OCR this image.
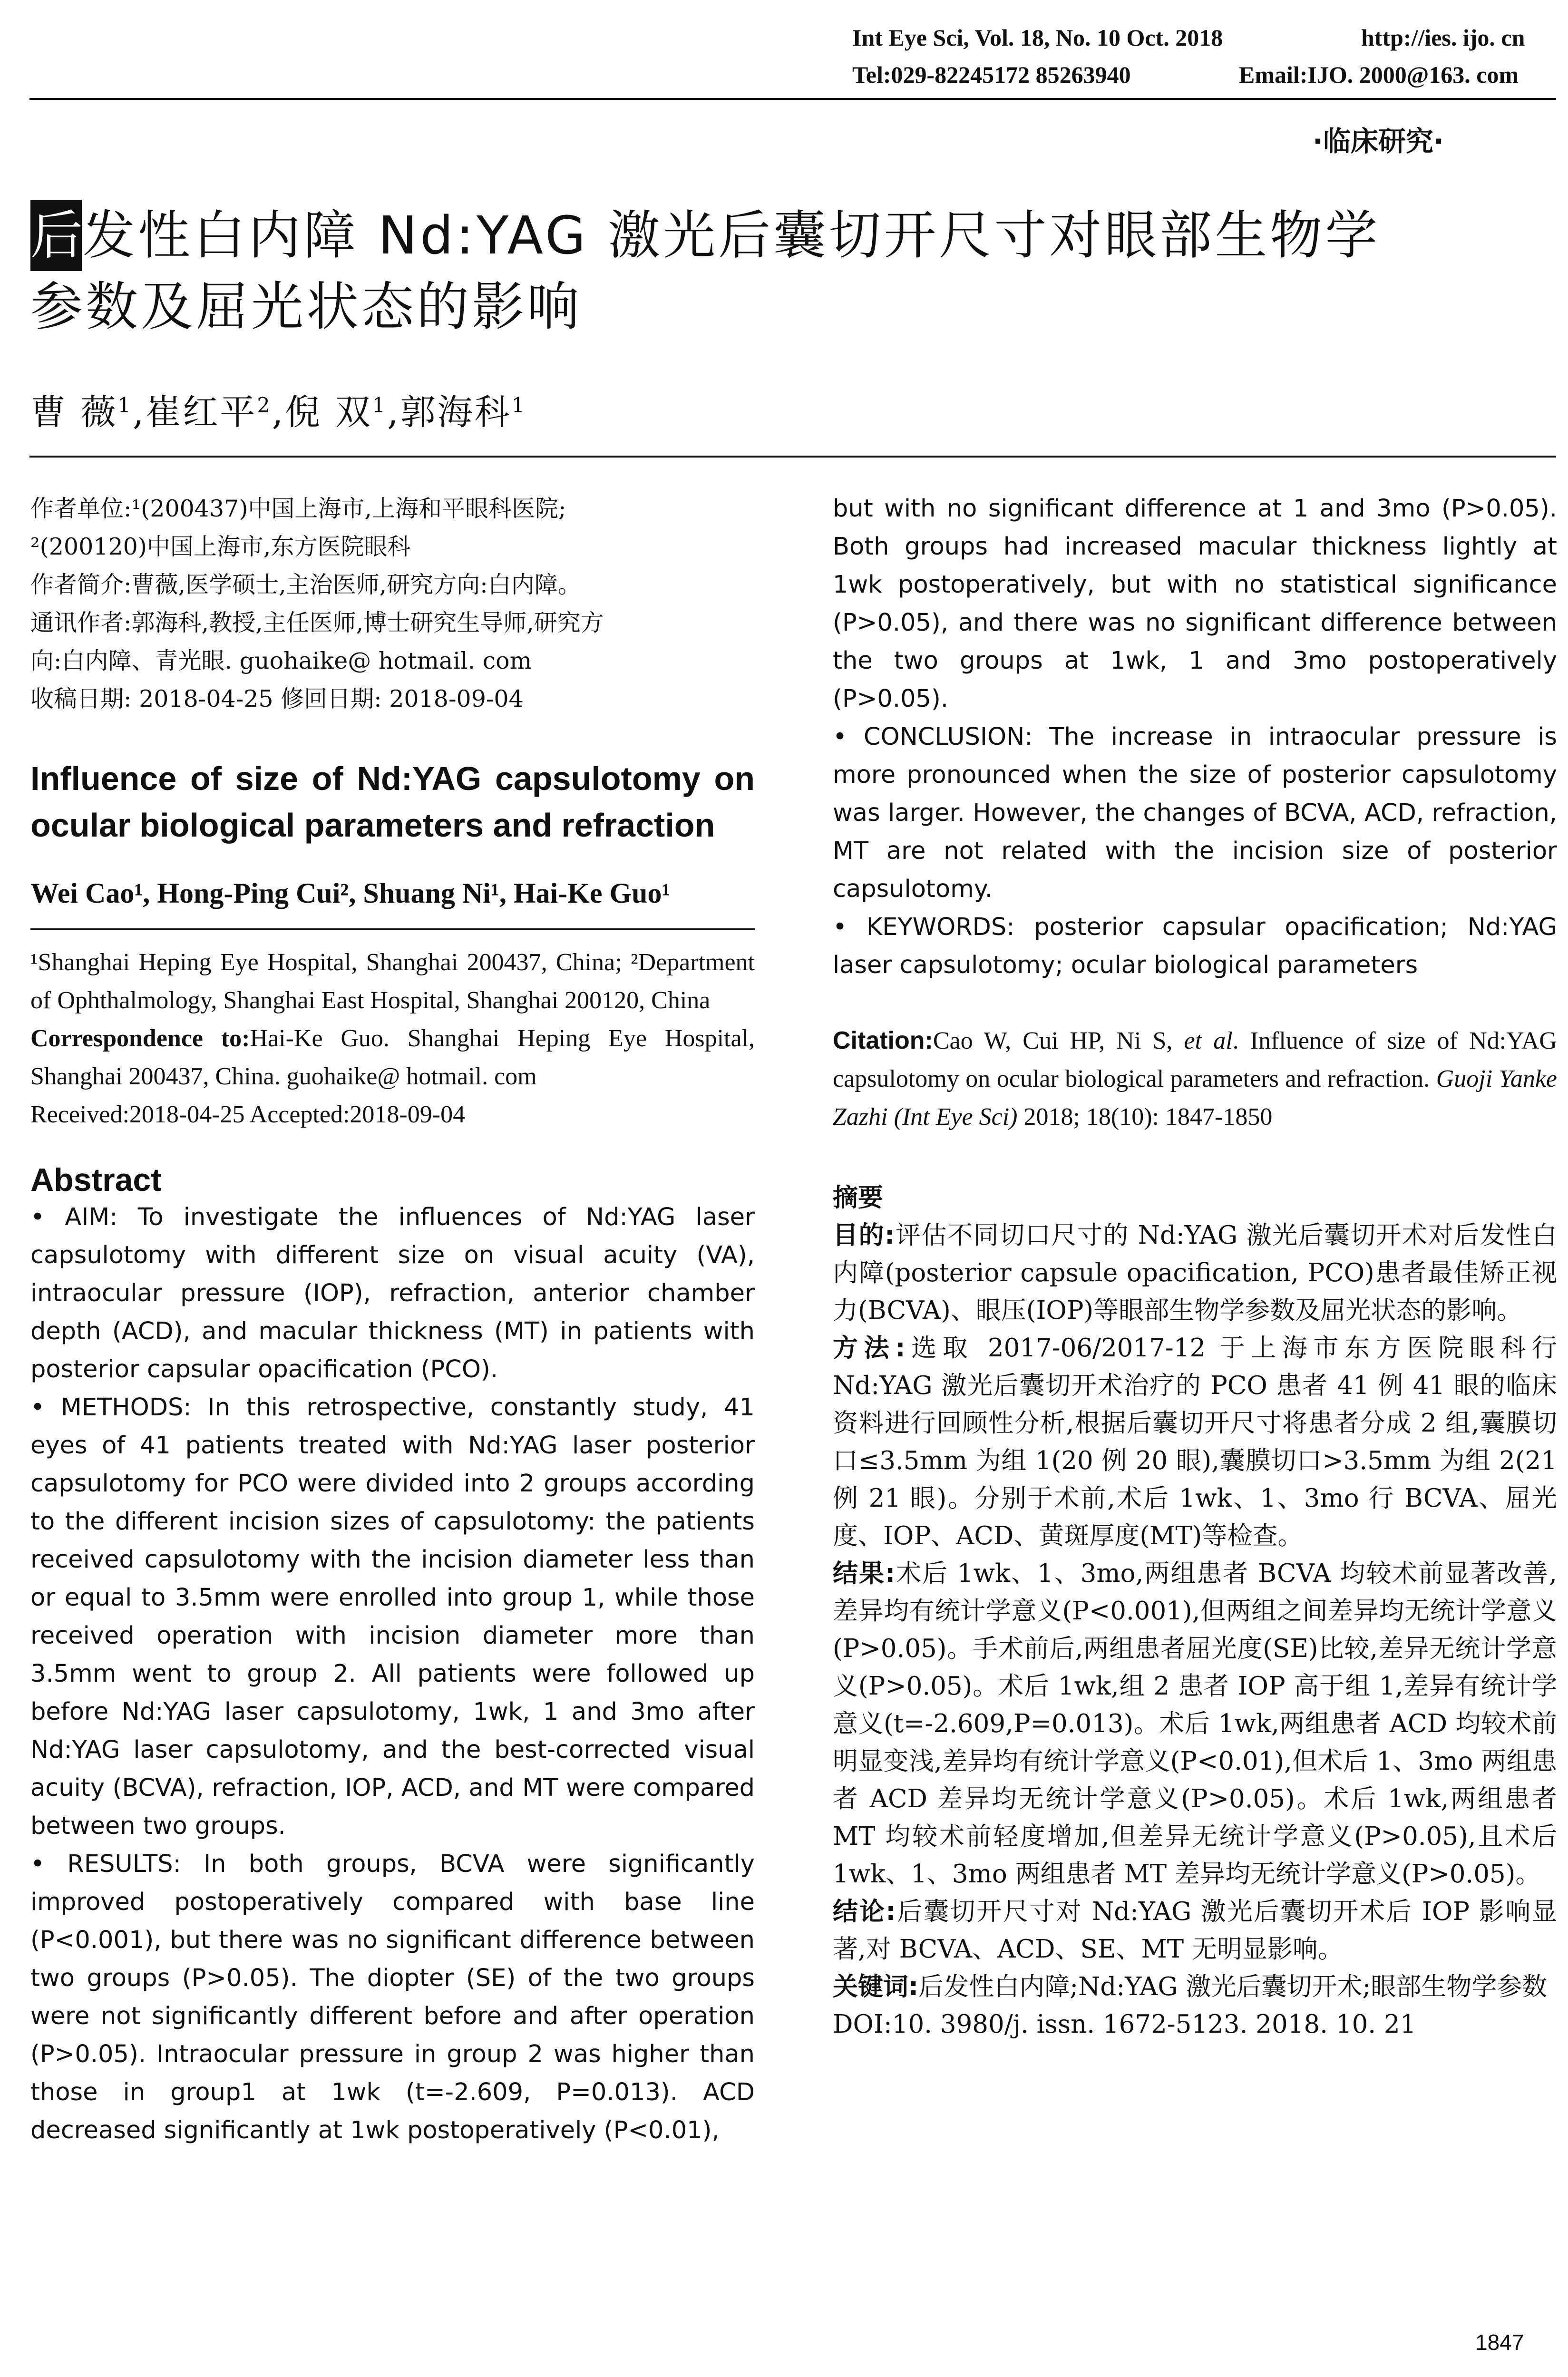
Int Eye Sci, Vol. 18, No. 10 Oct. 2018	http://ies. ijo. cn
Tel:029-82245172 85263940	Email:IJO. 2000@163. com
·临床研究·
后发性白内障 Nd:YAG 激光后囊切开尺寸对眼部生物学
参数及屈光状态的影响
曹 薇$^1$,崔红平$^2$,倪 双$^1$,郭海科$^1$
作者单位:¹(200437)中国上海市,上海和平眼科医院;
²(200120)中国上海市,东方医院眼科
作者简介:曹薇,医学硕士,主治医师,研究方向:白内障。
通讯作者:郭海科,教授,主任医师,博士研究生导师,研究方
向:白内障、青光眼. guohaike@ hotmail. com
收稿日期: 2018-04-25 修回日期: 2018-09-04
Influence of size of Nd:YAG capsulotomy on ocular biological parameters and refraction
Wei Cao¹, Hong-Ping Cui², Shuang Ni¹, Hai-Ke Guo¹

¹Shanghai Heping Eye Hospital, Shanghai 200437, China; ²Department of Ophthalmology, Shanghai East Hospital, Shanghai 200120, China

Correspondence to:Hai-Ke Guo. Shanghai Heping Eye Hospital, Shanghai 200437, China. guohaike@ hotmail. com

Received:2018-04-25 Accepted:2018-09-04

Abstract

• AIM: To investigate the influences of Nd:YAG laser capsulotomy with different size on visual acuity (VA), intraocular pressure (IOP), refraction, anterior chamber depth (ACD), and macular thickness (MT) in patients with posterior capsular opacification (PCO).

• METHODS: In this retrospective, constantly study, 41 eyes of 41 patients treated with Nd:YAG laser posterior capsulotomy for PCO were divided into 2 groups according to the different incision sizes of capsulotomy: the patients received capsulotomy with the incision diameter less than or equal to 3.5mm were enrolled into group 1, while those received operation with incision diameter more than 3.5mm went to group 2. All patients were followed up before Nd:YAG laser capsulotomy, 1wk, 1 and 3mo after Nd:YAG laser capsulotomy, and the best-corrected visual acuity (BCVA), refraction, IOP, ACD, and MT were compared between two groups.

• RESULTS: In both groups, BCVA were significantly improved postoperatively compared with base line (P<0.001), but there was no significant difference between two groups (P>0.05). The diopter (SE) of the two groups were not significantly different before and after operation (P>0.05). Intraocular pressure in group 2 was higher than those in group1 at 1wk (t=-2.609, P=0.013). ACD decreased significantly at 1wk postoperatively (P<0.01),

but with no significant difference at 1 and 3mo (P>0.05). Both groups had increased macular thickness lightly at 1wk postoperatively, but with no statistical significance (P>0.05), and there was no significant difference between the two groups at 1wk, 1 and 3mo postoperatively (P>0.05).

• CONCLUSION: The increase in intraocular pressure is more pronounced when the size of posterior capsulotomy was larger. However, the changes of BCVA, ACD, refraction, MT are not related with the incision size of posterior capsulotomy.

• KEYWORDS: posterior capsular opacification; Nd:YAG laser capsulotomy; ocular biological parameters

Citation:Cao W, Cui HP, Ni S, et al. Influence of size of Nd:YAG capsulotomy on ocular biological parameters and refraction. Guoji Yanke Zazhi (Int Eye Sci) 2018; 18(10): 1847-1850
摘要

目的:评估不同切口尺寸的 Nd:YAG 激光后囊切开术对后发性白内障(posterior capsule opacification, PCO)患者最佳矫正视力(BCVA)、眼压(IOP)等眼部生物学参数及屈光状态的影响。

方法:选取 2017-06/2017-12 于上海市东方医院眼科行 Nd:YAG 激光后囊切开术治疗的 PCO 患者 41 例 41 眼的临床资料进行回顾性分析,根据后囊切开尺寸将患者分成 2 组,囊膜切口≤3.5mm 为组 1(20 例 20 眼),囊膜切口>3.5mm 为组 2(21 例 21 眼)。分别于术前,术后 1wk、1、3mo 行 BCVA、屈光度、IOP、ACD、黄斑厚度(MT)等检查。

结果:术后 1wk、1、3mo,两组患者 BCVA 均较术前显著改善,差异均有统计学意义(P<0.001),但两组之间差异均无统计学意义(P>0.05)。手术前后,两组患者屈光度(SE)比较,差异无统计学意义(P>0.05)。术后 1wk,组 2 患者 IOP 高于组 1,差异有统计学意义(t=-2.609,P=0.013)。术后 1wk,两组患者 ACD 均较术前明显变浅,差异均有统计学意义(P<0.01),但术后 1、3mo 两组患者 ACD 差异均无统计学意义(P>0.05)。术后 1wk,两组患者 MT 均较术前轻度增加,但差异无统计学意义(P>0.05),且术后 1wk、1、3mo 两组患者 MT 差异均无统计学意义(P>0.05)。

结论:后囊切开尺寸对 Nd:YAG 激光后囊切开术后 IOP 影响显著,对 BCVA、ACD、SE、MT 无明显影响。

关键词:后发性白内障;Nd:YAG 激光后囊切开术;眼部生物学参数

DOI:10. 3980/j. issn. 1672-5123. 2018. 10. 21

1847
